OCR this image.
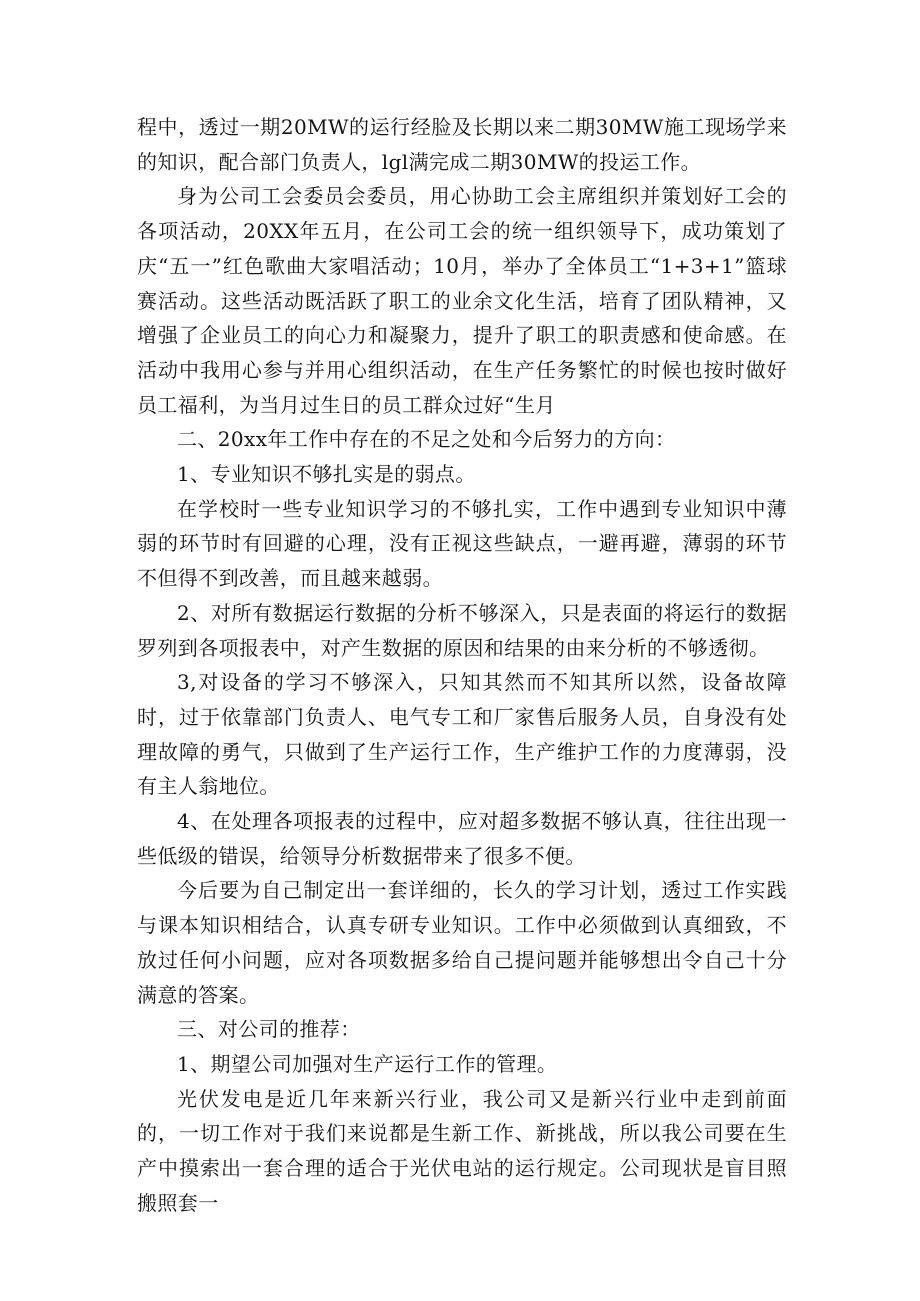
程中，透过一期20MW的运行经脸及长期以来二期30MW施工现场学来的知识，配合部门负责人，lgl满完成二期30MW的投运工作。

身为公司工会委员会委员，用心协助工会主席组织并策划好工会的各项活动，20XX年五月，在公司工会的统一组织领导下，成功策划了庆“五一”红色歌曲大家唱活动；10月，举办了全体员工“1+3+1”篮球赛活动。这些活动既活跃了职工的业余文化生活，培育了团队精神，又增强了企业员工的向心力和凝聚力，提升了职工的职责感和使命感。在活动中我用心参与并用心组织活动，在生产任务繁忙的时候也按时做好员工福利，为当月过生日的员工群众过好“生月

二、20xx年工作中存在的不足之处和今后努力的方向：

1、专业知识不够扎实是的弱点。

在学校时一些专业知识学习的不够扎实，工作中遇到专业知识中薄弱的环节时有回避的心理，没有正视这些缺点，一避再避，薄弱的环节不但得不到改善，而且越来越弱。

2、对所有数据运行数据的分析不够深入，只是表面的将运行的数据罗列到各项报表中，对产生数据的原因和结果的由来分析的不够透彻。

3,对设备的学习不够深入，只知其然而不知其所以然，设备故障时，过于依靠部门负责人、电气专工和厂家售后服务人员，自身没有处理故障的勇气，只做到了生产运行工作，生产维护工作的力度薄弱，没有主人翁地位。

4、在处理各项报表的过程中，应对超多数据不够认真，往往出现一些低级的错误，给领导分析数据带来了很多不便。

今后要为自己制定出一套详细的，长久的学习计划，透过工作实践与课本知识相结合，认真专研专业知识。工作中必须做到认真细致，不放过任何小问题，应对各项数据多给自己提问题并能够想出令自己十分满意的答案。

三、对公司的推荐：

1、期望公司加强对生产运行工作的管理。

光伏发电是近几年来新兴行业，我公司又是新兴行业中走到前面的，一切工作对于我们来说都是生新工作、新挑战，所以我公司要在生产中摸索出一套合理的适合于光伏电站的运行规定。公司现状是盲目照搬照套一
